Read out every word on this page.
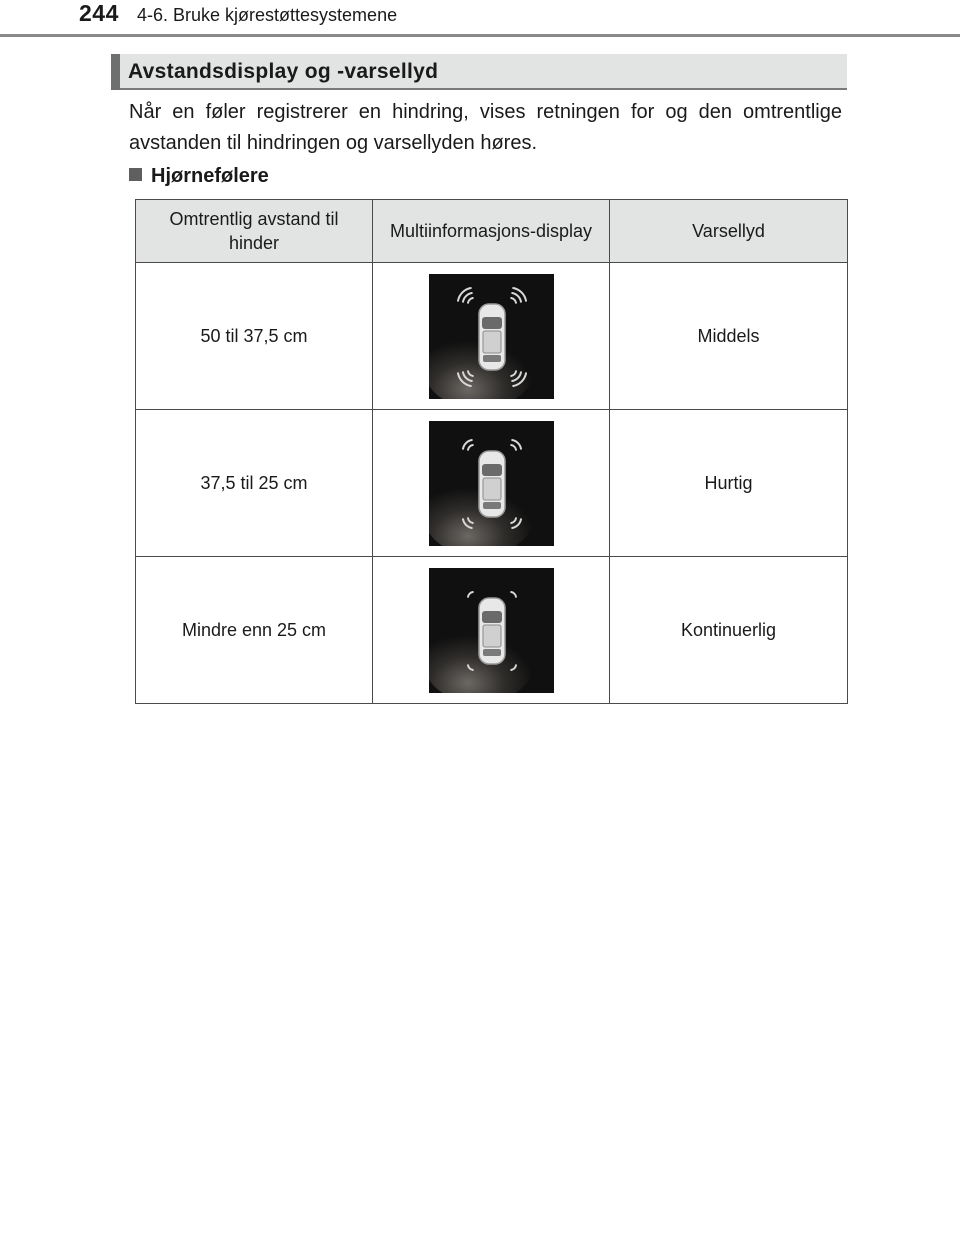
244 4-6. Bruke kjørestøttesystemene
Avstandsdisplay og -varsellyd

Når en føler registrerer en hindring, vises retningen for og den omtrentlige avstanden til hindringen og varsellyden høres.

Hjørnefølere
Omtrentlig avstand til hinder	Multiinformasjons-display	Varsellyd
50 til 37,5 cm		Middels
37,5 til 25 cm		Hurtig
Mindre enn 25 cm		Kontinuerlig
